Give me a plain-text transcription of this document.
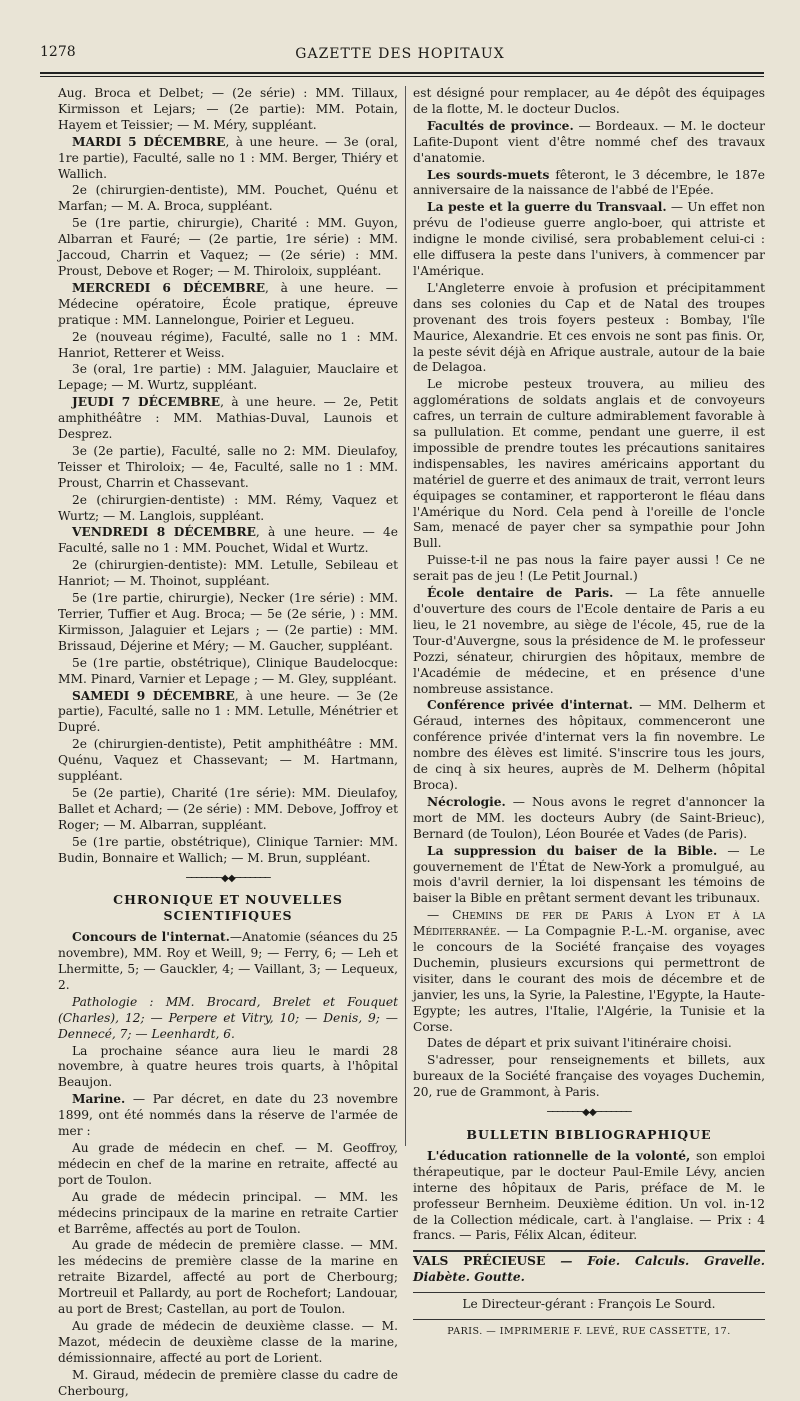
1278	GAZETTE DES HOPITAUX

Aug. Broca et Delbet; — (2e série) : MM. Tillaux, Kirmisson et Lejars; — (2e partie): MM. Potain, Hayem et Teissier; — M. Méry, suppléant.

MARDI 5 DÉCEMBRE, à une heure. — 3e (oral, 1re partie), Faculté, salle no 1 : MM. Berger, Thiéry et Wallich.

2e (chirurgien-dentiste), MM. Pouchet, Quénu et Marfan; — M. A. Broca, suppléant.

5e (1re partie, chirurgie), Charité : MM. Guyon, Albarran et Fauré; — (2e partie, 1re série) : MM. Jaccoud, Charrin et Vaquez; — (2e série) : MM. Proust, Debove et Roger; — M. Thiroloix, suppléant.

MERCREDI 6 DÉCEMBRE, à une heure. — Médecine opératoire, École pratique, épreuve pratique : MM. Lannelongue, Poirier et Legueu.

2e (nouveau régime), Faculté, salle no 1 : MM. Hanriot, Retterer et Weiss.

3e (oral, 1re partie) : MM. Jalaguier, Mauclaire et Lepage; — M. Wurtz, suppléant.

JEUDI 7 DÉCEMBRE, à une heure. — 2e, Petit amphithéâtre : MM. Mathias-Duval, Launois et Desprez.

3e (2e partie), Faculté, salle no 2: MM. Dieulafoy, Teisser et Thiroloix; — 4e, Faculté, salle no 1 : MM. Proust, Charrin et Chassevant.

2e (chirurgien-dentiste) : MM. Rémy, Vaquez et Wurtz; — M. Langlois, suppléant.

VENDREDI 8 DÉCEMBRE, à une heure. — 4e Faculté, salle no 1 : MM. Pouchet, Widal et Wurtz.

2e (chirurgien-dentiste): MM. Letulle, Sebileau et Hanriot; — M. Thoinot, suppléant.

5e (1re partie, chirurgie), Necker (1re série) : MM. Terrier, Tuffier et Aug. Broca; — 5e (2e série, ) : MM. Kirmisson, Jalaguier et Lejars ; — (2e partie) : MM. Brissaud, Déjerine et Méry; — M. Gaucher, suppléant.

5e (1re partie, obstétrique), Clinique Baudelocque: MM. Pinard, Varnier et Lepage ; — M. Gley, suppléant.

SAMEDI 9 DÉCEMBRE, à une heure. — 3e (2e partie), Faculté, salle no 1 : MM. Letulle, Ménétrier et Dupré.

2e (chirurgien-dentiste), Petit amphithéâtre : MM. Quénu, Vaquez et Chassevant; — M. Hartmann, suppléant.

5e (2e partie), Charité (1re série): MM. Dieulafoy, Ballet et Achard; — (2e série) : MM. Debove, Joffroy et Roger; — M. Albarran, suppléant.

5e (1re partie, obstétrique), Clinique Tarnier: MM. Budin, Bonnaire et Wallich; — M. Brun, suppléant.

───────◆◆───────
CHRONIQUE ET NOUVELLES SCIENTIFIQUES

Concours de l'internat.—Anatomie (séances du 25 novembre), MM. Roy et Weill, 9; — Ferry, 6; — Leh et Lhermitte, 5; — Gauckler, 4; — Vaillant, 3; — Lequeux, 2.

Pathologie : MM. Brocard, Brelet et Fouquet (Charles), 12; — Perpere et Vitry, 10; — Denis, 9; — Dennecé, 7; — Leenhardt, 6.

La prochaine séance aura lieu le mardi 28 novembre, à quatre heures trois quarts, à l'hôpital Beaujon.

Marine. — Par décret, en date du 23 novembre 1899, ont été nommés dans la réserve de l'armée de mer :

Au grade de médecin en chef. — M. Geoffroy, médecin en chef de la marine en retraite, affecté au port de Toulon.

Au grade de médecin principal. — MM. les médecins principaux de la marine en retraite Cartier et Barrême, affectés au port de Toulon.

Au grade de médecin de première classe. — MM. les médecins de première classe de la marine en retraite Bizardel, affecté au port de Cherbourg; Mortreuil et Pallardy, au port de Rochefort; Landouar, au port de Brest; Castellan, au port de Toulon.

Au grade de médecin de deuxième classe. — M. Mazot, médecin de deuxième classe de la marine, démissionnaire, affecté au port de Lorient.

M. Giraud, médecin de première classe du cadre de Cherbourg,

est désigné pour remplacer, au 4e dépôt des équipages de la flotte, M. le docteur Duclos.

Facultés de province. — Bordeaux. — M. le docteur Lafite-Dupont vient d'être nommé chef des travaux d'anatomie.

Les sourds-muets fêteront, le 3 décembre, le 187e anniversaire de la naissance de l'abbé de l'Epée.

La peste et la guerre du Transvaal. — Un effet non prévu de l'odieuse guerre anglo-boer, qui attriste et indigne le monde civilisé, sera probablement celui-ci : elle diffusera la peste dans l'univers, à commencer par l'Amérique.

L'Angleterre envoie à profusion et précipitamment dans ses colonies du Cap et de Natal des troupes provenant des trois foyers pesteux : Bombay, l'île Maurice, Alexandrie. Et ces envois ne sont pas finis. Or, la peste sévit déjà en Afrique australe, autour de la baie de Delagoa.

Le microbe pesteux trouvera, au milieu des agglomérations de soldats anglais et de convoyeurs cafres, un terrain de culture admirablement favorable à sa pullulation. Et comme, pendant une guerre, il est impossible de prendre toutes les précautions sanitaires indispensables, les navires américains apportant du matériel de guerre et des animaux de trait, verront leurs équipages se contaminer, et rapporteront le fléau dans l'Amérique du Nord. Cela pend à l'oreille de l'oncle Sam, menacé de payer cher sa sympathie pour John Bull.

Puisse-t-il ne pas nous la faire payer aussi ! Ce ne serait pas de jeu ! (Le Petit Journal.)

École dentaire de Paris. — La fête annuelle d'ouverture des cours de l'Ecole dentaire de Paris a eu lieu, le 21 novembre, au siège de l'école, 45, rue de la Tour-d'Auvergne, sous la présidence de M. le professeur Pozzi, sénateur, chirurgien des hôpitaux, membre de l'Académie de médecine, et en présence d'une nombreuse assistance.

Conférence privée d'internat. — MM. Delherm et Géraud, internes des hôpitaux, commenceront une conférence privée d'internat vers la fin novembre. Le nombre des élèves est limité. S'inscrire tous les jours, de cinq à six heures, auprès de M. Delherm (hôpital Broca).

Nécrologie. — Nous avons le regret d'annoncer la mort de MM. les docteurs Aubry (de Saint-Brieuc), Bernard (de Toulon), Léon Bourée et Vades (de Paris).

La suppression du baiser de la Bible. — Le gouvernement de l'État de New-York a promulgué, au mois d'avril dernier, la loi dispensant les témoins de baiser la Bible en prêtant serment devant les tribunaux.

— Chemins de fer de Paris à Lyon et à la Méditerranée. — La Compagnie P.-L.-M. organise, avec le concours de la Société française des voyages Duchemin, plusieurs excursions qui permettront de visiter, dans le courant des mois de décembre et de janvier, les uns, la Syrie, la Palestine, l'Egypte, la Haute-Egypte; les autres, l'Italie, l'Algérie, la Tunisie et la Corse.

Dates de départ et prix suivant l'itinéraire choisi.

S'adresser, pour renseignements et billets, aux bureaux de la Société française des voyages Duchemin, 20, rue de Grammont, à Paris.

───────◆◆───────
BULLETIN BIBLIOGRAPHIQUE

L'éducation rationnelle de la volonté, son emploi thérapeutique, par le docteur Paul-Emile Lévy, ancien interne des hôpitaux de Paris, préface de M. le professeur Bernheim. Deuxième édition. Un vol. in-12 de la Collection médicale, cart. à l'anglaise. — Prix : 4 francs. — Paris, Félix Alcan, éditeur.

VALS PRÉCIEUSE — Foie. Calculs. Gravelle. Diabète. Goutte.

Le Directeur-gérant : François Le Sourd.

PARIS. — IMPRIMERIE F. LEVÉ, RUE CASSETTE, 17.
